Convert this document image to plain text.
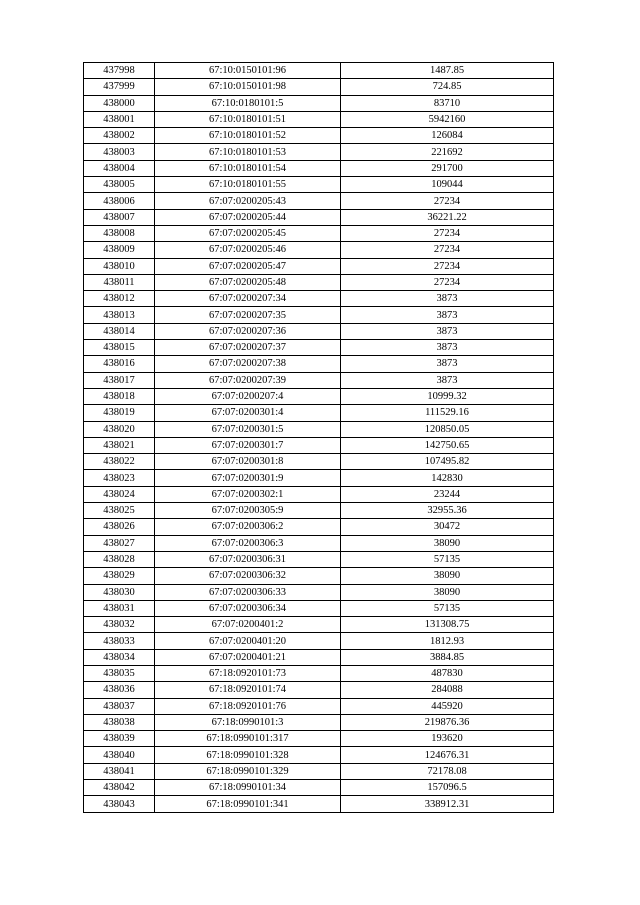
437998	67:10:0150101:96	1487.85
437999	67:10:0150101:98	724.85
438000	67:10:0180101:5	83710
438001	67:10:0180101:51	5942160
438002	67:10:0180101:52	126084
438003	67:10:0180101:53	221692
438004	67:10:0180101:54	291700
438005	67:10:0180101:55	109044
438006	67:07:0200205:43	27234
438007	67:07:0200205:44	36221.22
438008	67:07:0200205:45	27234
438009	67:07:0200205:46	27234
438010	67:07:0200205:47	27234
438011	67:07:0200205:48	27234
438012	67:07:0200207:34	3873
438013	67:07:0200207:35	3873
438014	67:07:0200207:36	3873
438015	67:07:0200207:37	3873
438016	67:07:0200207:38	3873
438017	67:07:0200207:39	3873
438018	67:07:0200207:4	10999.32
438019	67:07:0200301:4	111529.16
438020	67:07:0200301:5	120850.05
438021	67:07:0200301:7	142750.65
438022	67:07:0200301:8	107495.82
438023	67:07:0200301:9	142830
438024	67:07:0200302:1	23244
438025	67:07:0200305:9	32955.36
438026	67:07:0200306:2	30472
438027	67:07:0200306:3	38090
438028	67:07:0200306:31	57135
438029	67:07:0200306:32	38090
438030	67:07:0200306:33	38090
438031	67:07:0200306:34	57135
438032	67:07:0200401:2	131308.75
438033	67:07:0200401:20	1812.93
438034	67:07:0200401:21	3884.85
438035	67:18:0920101:73	487830
438036	67:18:0920101:74	284088
438037	67:18:0920101:76	445920
438038	67:18:0990101:3	219876.36
438039	67:18:0990101:317	193620
438040	67:18:0990101:328	124676.31
438041	67:18:0990101:329	72178.08
438042	67:18:0990101:34	157096.5
438043	67:18:0990101:341	338912.31
